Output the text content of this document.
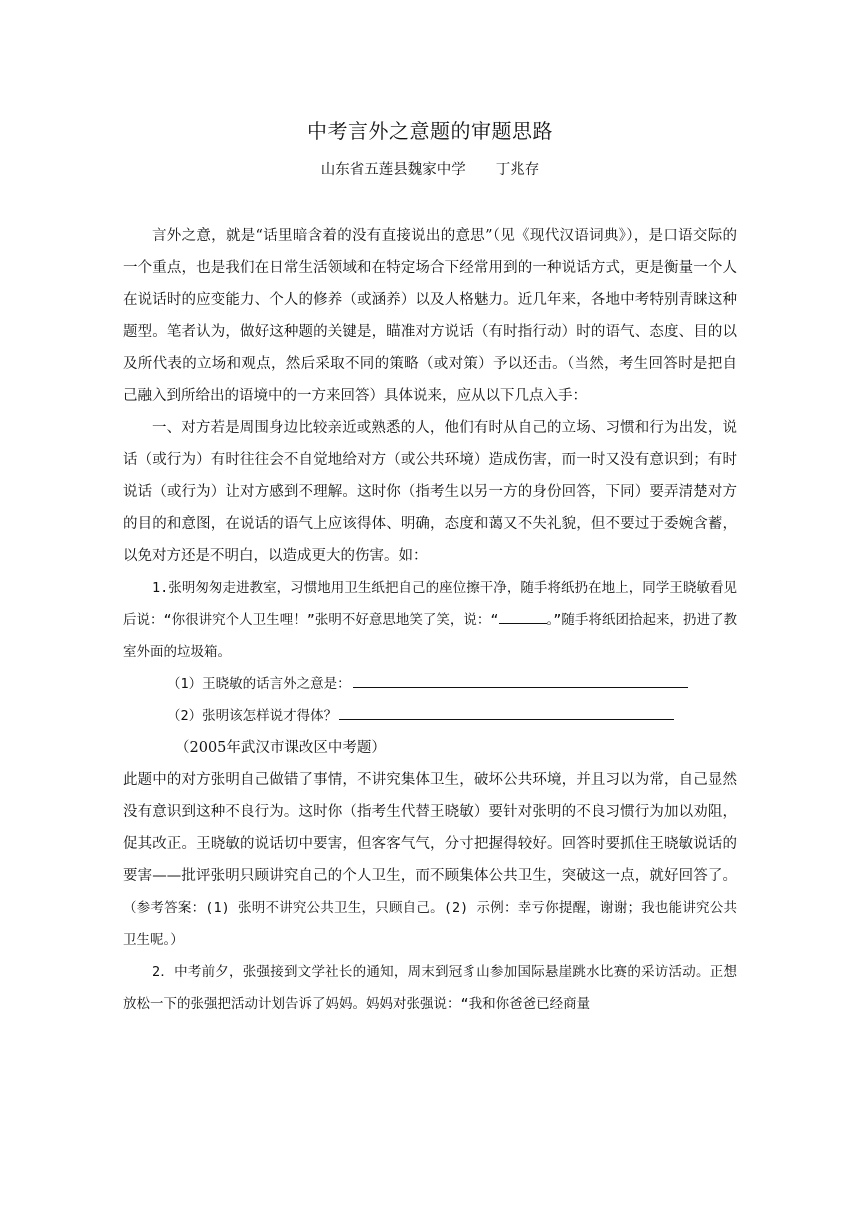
中考言外之意题的审题思路

山东省五莲县魏家中学 丁兆存

言外之意，就是“话里暗含着的没有直接说出的意思”（见《现代汉语词典》），是口语交际的一个重点，也是我们在日常生活领域和在特定场合下经常用到的一种说话方式，更是衡量一个人在说话时的应变能力、个人的修养（或涵养）以及人格魅力。近几年来，各地中考特别青睐这种题型。笔者认为，做好这种题的关键是，瞄准对方说话（有时指行动）时的语气、态度、目的以及所代表的立场和观点，然后采取不同的策略（或对策）予以还击。（当然，考生回答时是把自己融入到所给出的语境中的一方来回答）具体说来，应从以下几点入手：

一、对方若是周围身边比较亲近或熟悉的人，他们有时从自己的立场、习惯和行为出发，说话（或行为）有时往往会不自觉地给对方（或公共环境）造成伤害，而一时又没有意识到；有时说话（或行为）让对方感到不理解。这时你（指考生以另一方的身份回答，下同）要弄清楚对方的目的和意图，在说话的语气上应该得体、明确，态度和蔼又不失礼貌，但不要过于委婉含蓄，以免对方还是不明白，以造成更大的伤害。如：

1.张明匆匆走进教室，习惯地用卫生纸把自己的座位擦干净，随手将纸扔在地上，同学王晓敏看见后说：“你很讲究个人卫生哩！”张明不好意思地笑了笑，说：“	。”随手将纸团拾起来，扔进了教室外面的垃圾箱。

（1）王晓敏的话言外之意是：

（2）张明该怎样说才得体？

（2005年武汉市课改区中考题）

此题中的对方张明自己做错了事情，不讲究集体卫生，破坏公共环境，并且习以为常，自己显然没有意识到这种不良行为。这时你（指考生代替王晓敏）要针对张明的不良习惯行为加以劝阻，促其改正。王晓敏的说话切中要害，但客客气气，分寸把握得较好。回答时要抓住王晓敏说话的要害——批评张明只顾讲究自己的个人卫生，而不顾集体公共卫生，突破这一点，就好回答了。（参考答案：(1) 张明不讲究公共卫生，只顾自己。(2) 示例：幸亏你提醒，谢谢；我也能讲究公共卫生呢。）

2．中考前夕，张强接到文学社长的通知，周末到冠豸山参加国际悬崖跳水比赛的采访活动。正想放松一下的张强把活动计划告诉了妈妈。妈妈对张强说：“我和你爸爸已经商量
